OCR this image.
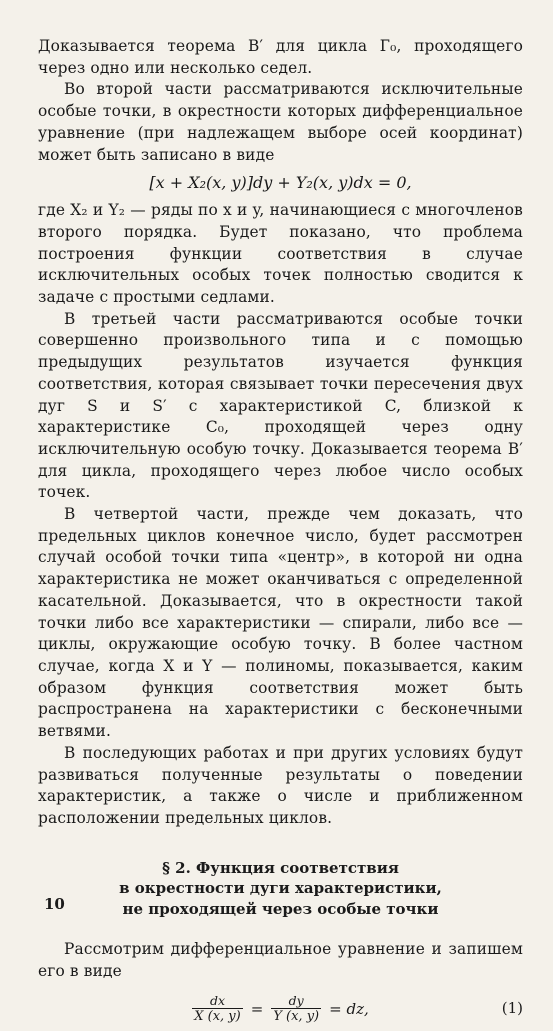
Доказывается теорема В′ для цикла Г₀, проходящего через одно или несколько седел.

Во второй части рассматриваются исключительные особые точки, в окрестности которых дифференциальное уравнение (при надлежащем выборе осей координат) может быть записано в виде

[x + X₂(x, y)]dy + Y₂(x, y)dx = 0,

где X₂ и Y₂ — ряды по x и y, начинающиеся с многочленов второго порядка. Будет показано, что проблема построения функции соответствия в случае исключительных особых точек полностью сводится к задаче с простыми седлами.

В третьей части рассматриваются особые точки совершенно произвольного типа и с помощью предыдущих результатов изучается функция соответствия, которая связывает точки пересечения двух дуг S и S′ с характеристикой C, близкой к характеристике C₀, проходящей через одну исключительную особую точку. Доказывается теорема B′ для цикла, проходящего через любое число особых точек.

В четвертой части, прежде чем доказать, что предельных циклов конечное число, будет рассмотрен случай особой точки типа «центр», в которой ни одна характеристика не может оканчиваться с определенной касательной. Доказывается, что в окрестности такой точки либо все характеристики — спирали, либо все — циклы, окружающие особую точку. В более частном случае, когда X и Y — полиномы, показывается, каким образом функция соответствия может быть распространена на характеристики с бесконечными ветвями.

В последующих работах и при других условиях будут развиваться полученные результаты о поведении характеристик, а также о числе и приближенном расположении предельных циклов.

§ 2. Функция соответствия
в окрестности дуги характеристики,
не проходящей через особые точки

Рассмотрим дифференциальное уравнение и запишем его в виде

$\frac{dx}{X (x, y)} = \frac{dy}{Y (x, y)}$ = dz,	(1)
10
